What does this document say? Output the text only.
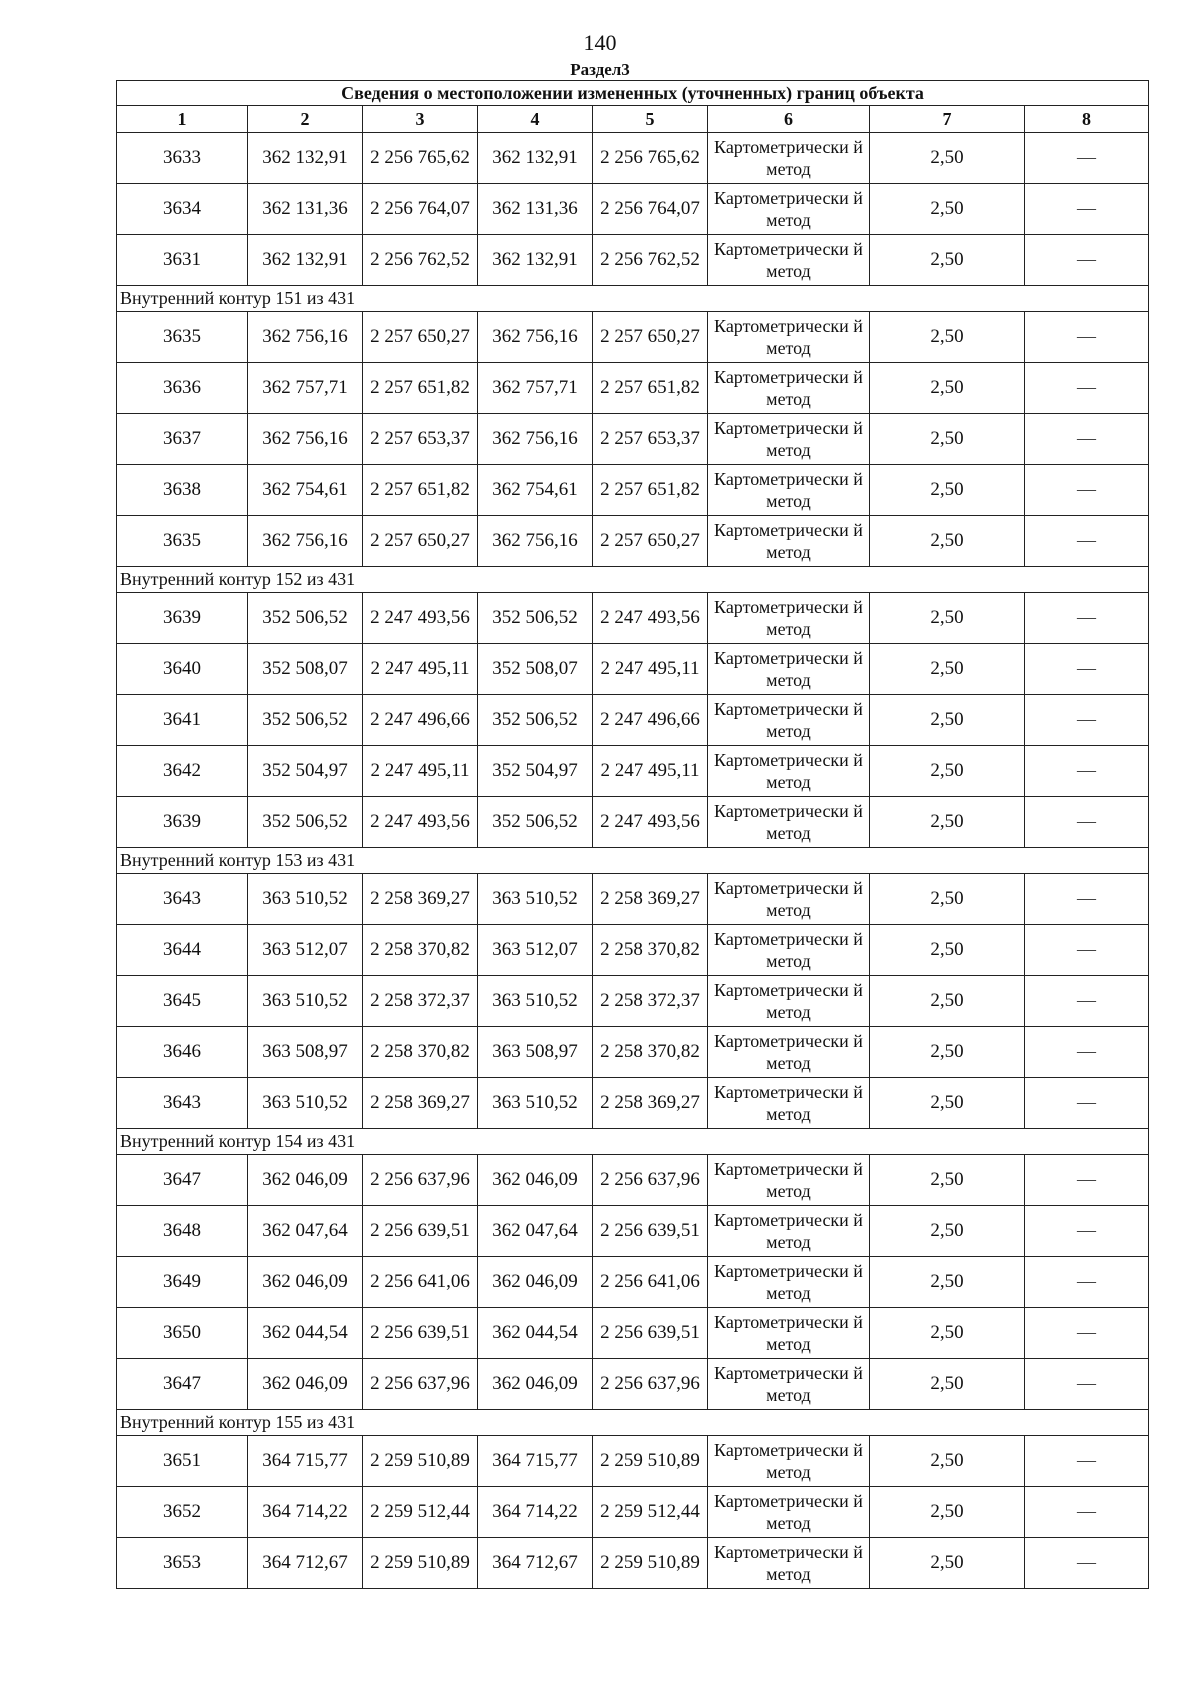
140
Раздел3
Сведения о местоположении измененных (уточненных) границ объекта							
1	2	3	4	5	6	7	8
3633	362 132,91	2 256 765,62	362 132,91	2 256 765,62	Картометрически й метод	2,50	—
3634	362 131,36	2 256 764,07	362 131,36	2 256 764,07	Картометрически й метод	2,50	—
3631	362 132,91	2 256 762,52	362 132,91	2 256 762,52	Картометрически й метод	2,50	—
Внутренний контур 151 из 431							
3635	362 756,16	2 257 650,27	362 756,16	2 257 650,27	Картометрически й метод	2,50	—
3636	362 757,71	2 257 651,82	362 757,71	2 257 651,82	Картометрически й метод	2,50	—
3637	362 756,16	2 257 653,37	362 756,16	2 257 653,37	Картометрически й метод	2,50	—
3638	362 754,61	2 257 651,82	362 754,61	2 257 651,82	Картометрически й метод	2,50	—
3635	362 756,16	2 257 650,27	362 756,16	2 257 650,27	Картометрически й метод	2,50	—
Внутренний контур 152 из 431							
3639	352 506,52	2 247 493,56	352 506,52	2 247 493,56	Картометрически й метод	2,50	—
3640	352 508,07	2 247 495,11	352 508,07	2 247 495,11	Картометрически й метод	2,50	—
3641	352 506,52	2 247 496,66	352 506,52	2 247 496,66	Картометрически й метод	2,50	—
3642	352 504,97	2 247 495,11	352 504,97	2 247 495,11	Картометрически й метод	2,50	—
3639	352 506,52	2 247 493,56	352 506,52	2 247 493,56	Картометрически й метод	2,50	—
Внутренний контур 153 из 431							
3643	363 510,52	2 258 369,27	363 510,52	2 258 369,27	Картометрически й метод	2,50	—
3644	363 512,07	2 258 370,82	363 512,07	2 258 370,82	Картометрически й метод	2,50	—
3645	363 510,52	2 258 372,37	363 510,52	2 258 372,37	Картометрически й метод	2,50	—
3646	363 508,97	2 258 370,82	363 508,97	2 258 370,82	Картометрически й метод	2,50	—
3643	363 510,52	2 258 369,27	363 510,52	2 258 369,27	Картометрически й метод	2,50	—
Внутренний контур 154 из 431							
3647	362 046,09	2 256 637,96	362 046,09	2 256 637,96	Картометрически й метод	2,50	—
3648	362 047,64	2 256 639,51	362 047,64	2 256 639,51	Картометрически й метод	2,50	—
3649	362 046,09	2 256 641,06	362 046,09	2 256 641,06	Картометрически й метод	2,50	—
3650	362 044,54	2 256 639,51	362 044,54	2 256 639,51	Картометрически й метод	2,50	—
3647	362 046,09	2 256 637,96	362 046,09	2 256 637,96	Картометрически й метод	2,50	—
Внутренний контур 155 из 431							
3651	364 715,77	2 259 510,89	364 715,77	2 259 510,89	Картометрически й метод	2,50	—
3652	364 714,22	2 259 512,44	364 714,22	2 259 512,44	Картометрически й метод	2,50	—
3653	364 712,67	2 259 510,89	364 712,67	2 259 510,89	Картометрически й метод	2,50	—
